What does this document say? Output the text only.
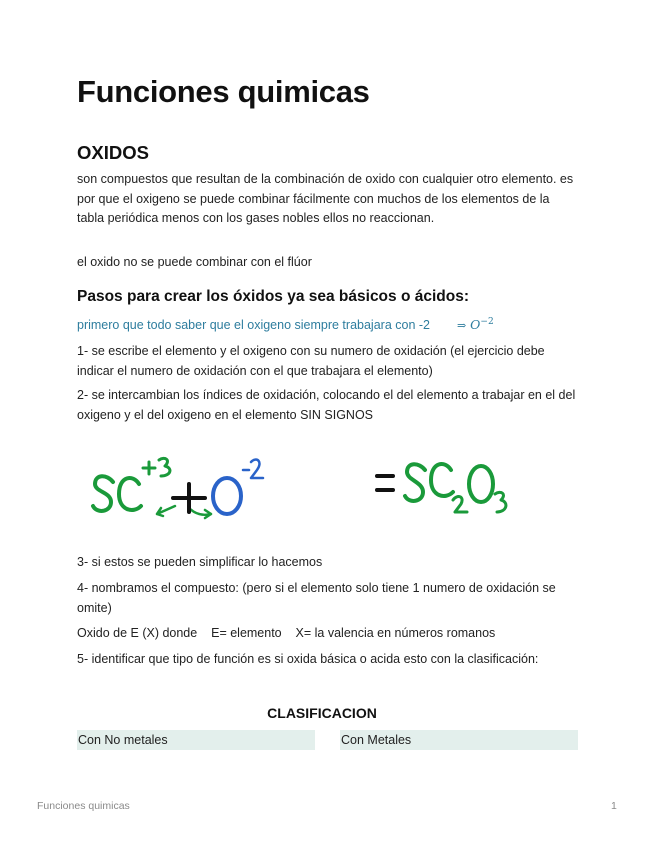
Funciones quimicas
OXIDOS

son compuestos que resultan de la combinación de oxido con cualquier otro elemento. es por que el oxigeno se puede combinar fácilmente con muchos de los elementos de la tabla periódica menos con los gases nobles ellos no reaccionan.

el oxido no se puede combinar con el flúor

Pasos para crear los óxidos ya sea básicos o ácidos:

primero que todo saber que el oxigeno siempre trabajara con -2 ⇒ $O^{-2}$

1- se escribe el elemento y el oxigeno con su numero de oxidación (el ejercicio debe indicar el numero de oxidación con el que trabajara el elemento)

2- se intercambian los índices de oxidación, colocando el del elemento a trabajar en el del oxigeno y el del oxigeno en el elemento SIN SIGNOS

3- si estos se pueden simplificar lo hacemos

4- nombramos el compuesto: (pero si el elemento solo tiene 1 numero de oxidación se omite)

Oxido de E (X) donde    E= elemento    X= la valencia en números romanos

5- identificar que tipo de función es si oxida básica o acida esto con la clasificación:

CLASIFICACION

Con No metales	Con Metales
Funciones quimicas	1
